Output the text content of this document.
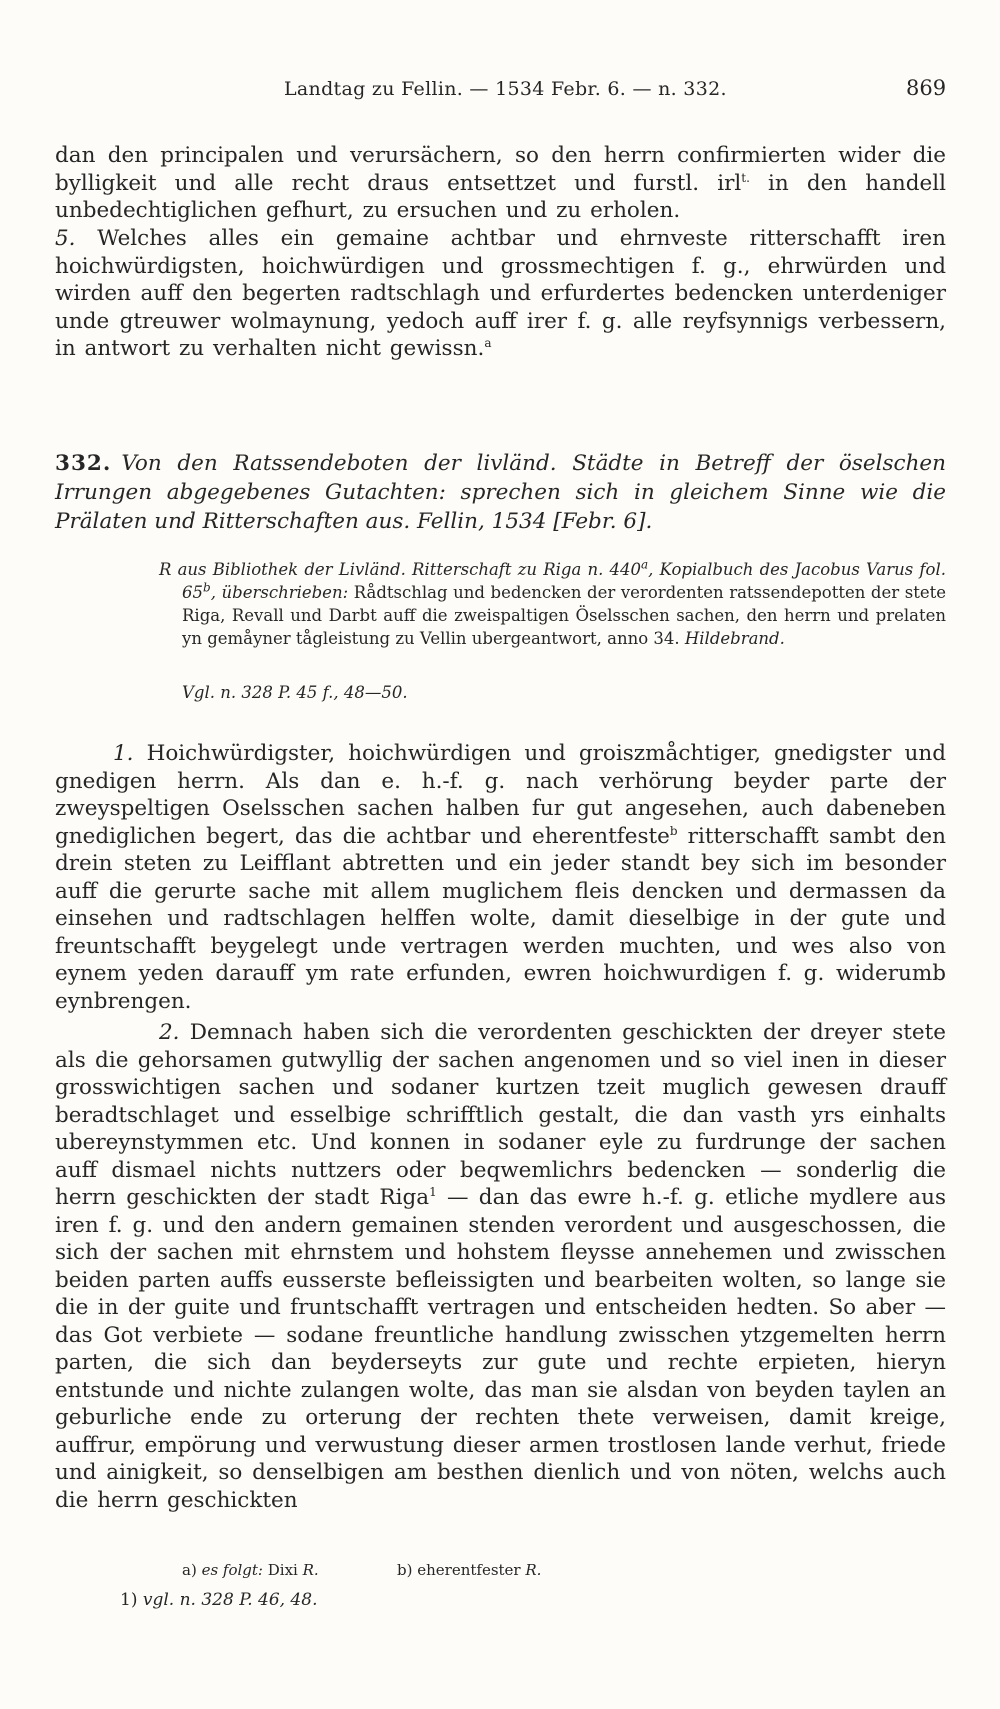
Landtag zu Fellin. — 1534 Febr. 6. — n. 332.	869
dan den principalen und verursächern, so den herrn confirmierten wider die bylligkeit und alle recht draus entsettzet und furstl. irl$^{t.}$ in den handell unbedechtiglichen gefhurt, zu ersuchen und zu erholen.
5. Welches alles ein gemaine achtbar und ehrnveste ritterschafft iren hoichwürdigsten, hoichwürdigen und grossmechtigen f. g., ehrwürden und wirden auff den begerten radtschlagh und erfurdertes bedencken unterdeniger unde gtreuwer wolmaynung, yedoch auff irer f. g. alle reyfsynnigs verbessern, in antwort zu verhalten nicht gewissn.$^a$
332. Von den Ratssendeboten der livländ. Städte in Betreff der öselschen Irrungen abgegebenes Gutachten: sprechen sich in gleichem Sinne wie die Prälaten und Ritterschaften aus. Fellin, 1534 [Febr. 6].
R aus Bibliothek der Livländ. Ritterschaft zu Riga n. 440$^a$, Kopialbuch des Jacobus Varus fol. 65$^b$, überschrieben: Rådtschlag und bedencken der verordenten ratssendepotten der stete Riga, Revall und Darbt auff die zweispaltigen Öselsschen sachen, den herrn und prelaten yn gemåyner tågleistung zu Vellin ubergeantwort, anno 34. Hildebrand.
Vgl. n. 328 P. 45 f., 48—50.
1. Hoichwürdigster, hoichwürdigen und groiszmåchtiger, gnedigster und gnedigen herrn. Als dan e. h.-f. g. nach verhörung beyder parte der zweyspeltigen Oselsschen sachen halben fur gut angesehen, auch dabeneben gnediglichen begert, das die achtbar und eherentfeste$^b$ ritterschafft sambt den drein steten zu Leifflant abtretten und ein jeder standt bey sich im besonder auff die gerurte sache mit allem muglichem fleis dencken und dermassen da einsehen und radtschlagen helffen wolte, damit dieselbige in der gute und freuntschafft beygelegt unde vertragen werden muchten, und wes also von eynem yeden darauff ym rate erfunden, ewren hoichwurdigen f. g. widerumb eynbrengen.
2. Demnach haben sich die verordenten geschickten der dreyer stete als die gehorsamen gutwyllig der sachen angenomen und so viel inen in dieser grosswichtigen sachen und sodaner kurtzen tzeit muglich gewesen drauff beradtschlaget und esselbige schrifftlich gestalt, die dan vasth yrs einhalts ubereynstymmen etc. Und konnen in sodaner eyle zu furdrunge der sachen auff dismael nichts nuttzers oder beqwemlichrs bedencken — sonderlig die herrn geschickten der stadt Riga$^1$ — dan das ewre h.-f. g. etliche mydlere aus iren f. g. und den andern gemainen stenden verordent und ausgeschossen, die sich der sachen mit ehrnstem und hohstem fleysse annehemen und zwisschen beiden parten auffs eusserste befleissigten und bearbeiten wolten, so lange sie die in der guite und fruntschafft vertragen und entscheiden hedten. So aber — das Got verbiete — sodane freuntliche handlung zwisschen ytzgemelten herrn parten, die sich dan beyderseyts zur gute und rechte erpieten, hieryn entstunde und nichte zulangen wolte, das man sie alsdan von beyden taylen an geburliche ende zu orterung der rechten thete verweisen, damit kreige, auffrur, empörung und verwustung dieser armen trostlosen lande verhut, friede und ainigkeit, so denselbigen am besthen dienlich und von nöten, welchs auch die herrn geschickten
a) es folgt: Dixi R.	b) eherentfester R.
1) vgl. n. 328 P. 46, 48.
